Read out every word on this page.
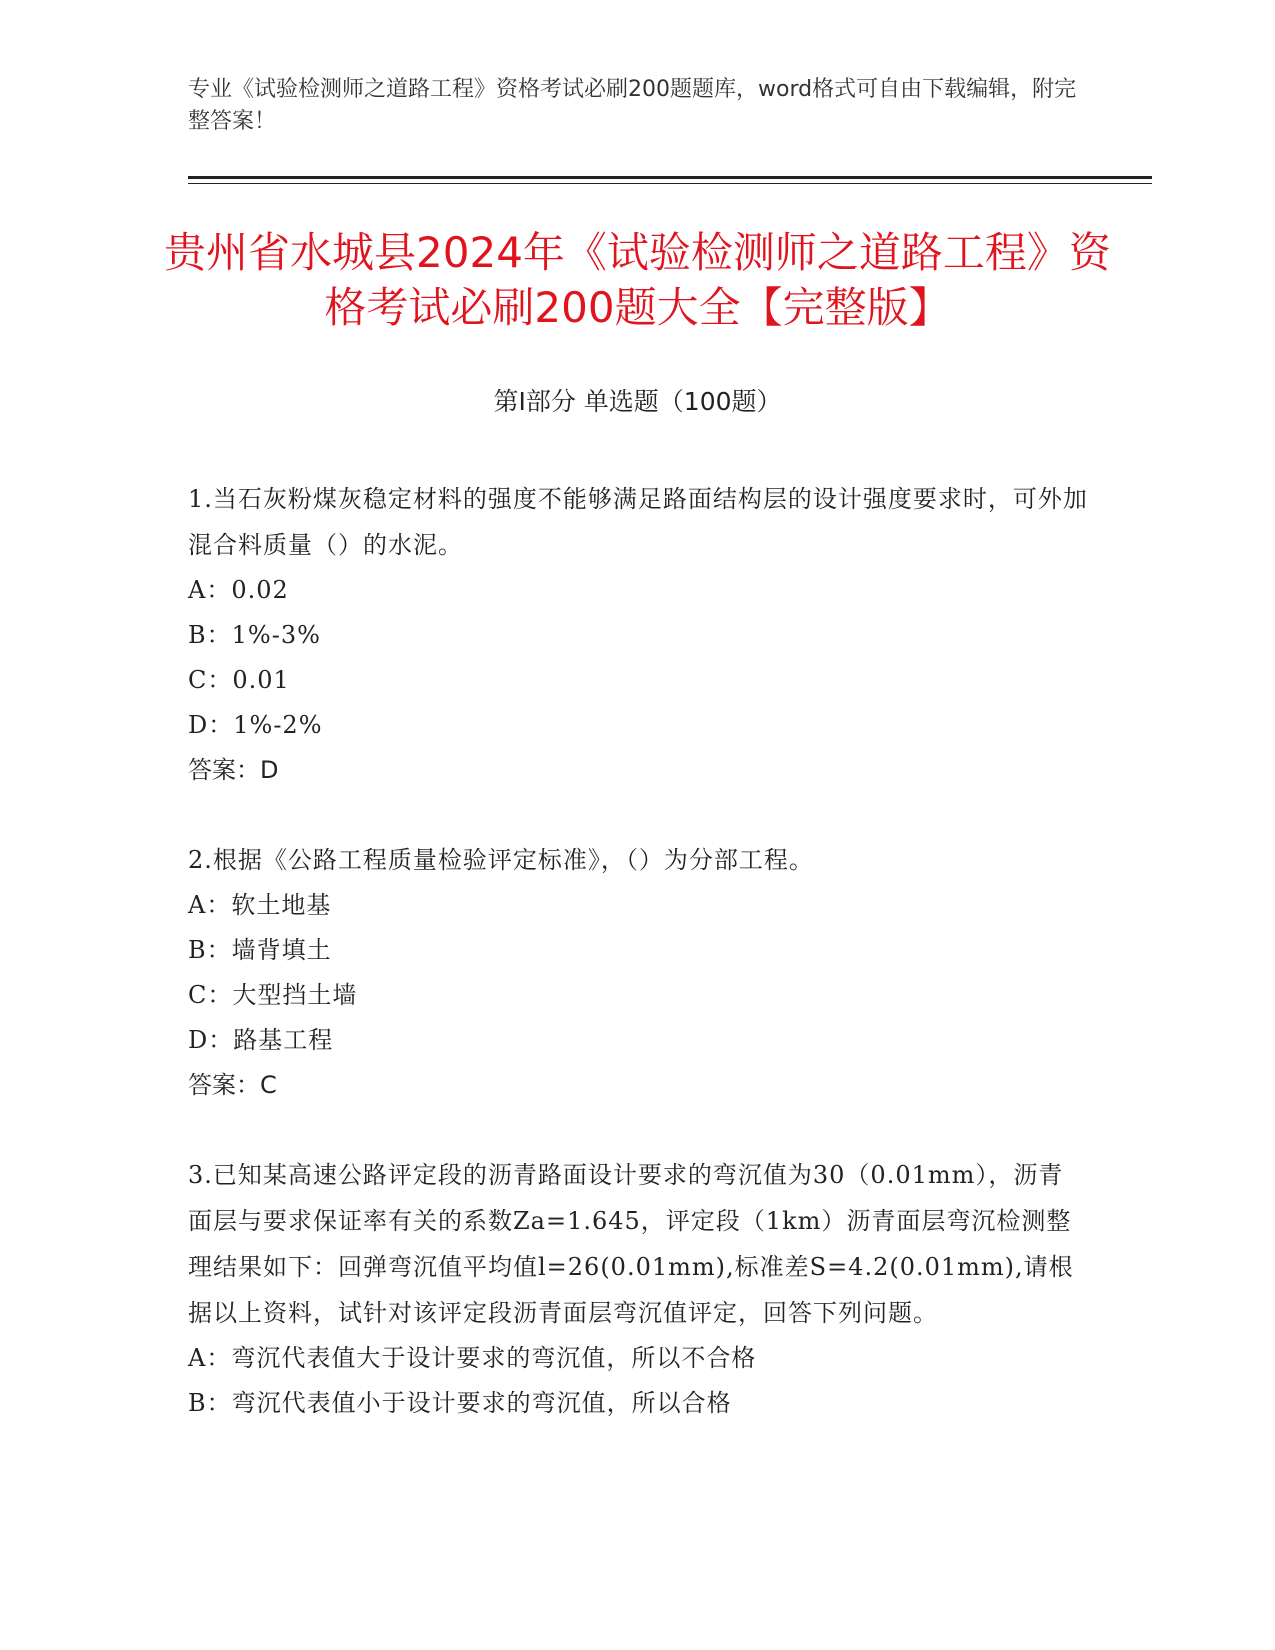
专业《试验检测师之道路工程》资格考试必刷200题题库，word格式可自由下载编辑，附完整答案！
贵州省水城县2024年《试验检测师之道路工程》资格考试必刷200题大全【完整版】
第I部分 单选题（100题）
1.当石灰粉煤灰稳定材料的强度不能够满足路面结构层的设计强度要求时，可外加混合料质量（）的水泥。
A：0.02
B：1%-3%
C：0.01
D：1%-2%
答案：D
2.根据《公路工程质量检验评定标准》，（）为分部工程。
A：软土地基
B：墙背填土
C：大型挡土墙
D：路基工程
答案：C
3.已知某高速公路评定段的沥青路面设计要求的弯沉值为30（0.01mm），沥青面层与要求保证率有关的系数Za=1.645，评定段（1km）沥青面层弯沉检测整理结果如下：回弹弯沉值平均值l=26(0.01mm),标准差S=4.2(0.01mm),请根据以上资料，试针对该评定段沥青面层弯沉值评定，回答下列问题。
A：弯沉代表值大于设计要求的弯沉值，所以不合格
B：弯沉代表值小于设计要求的弯沉值，所以合格
